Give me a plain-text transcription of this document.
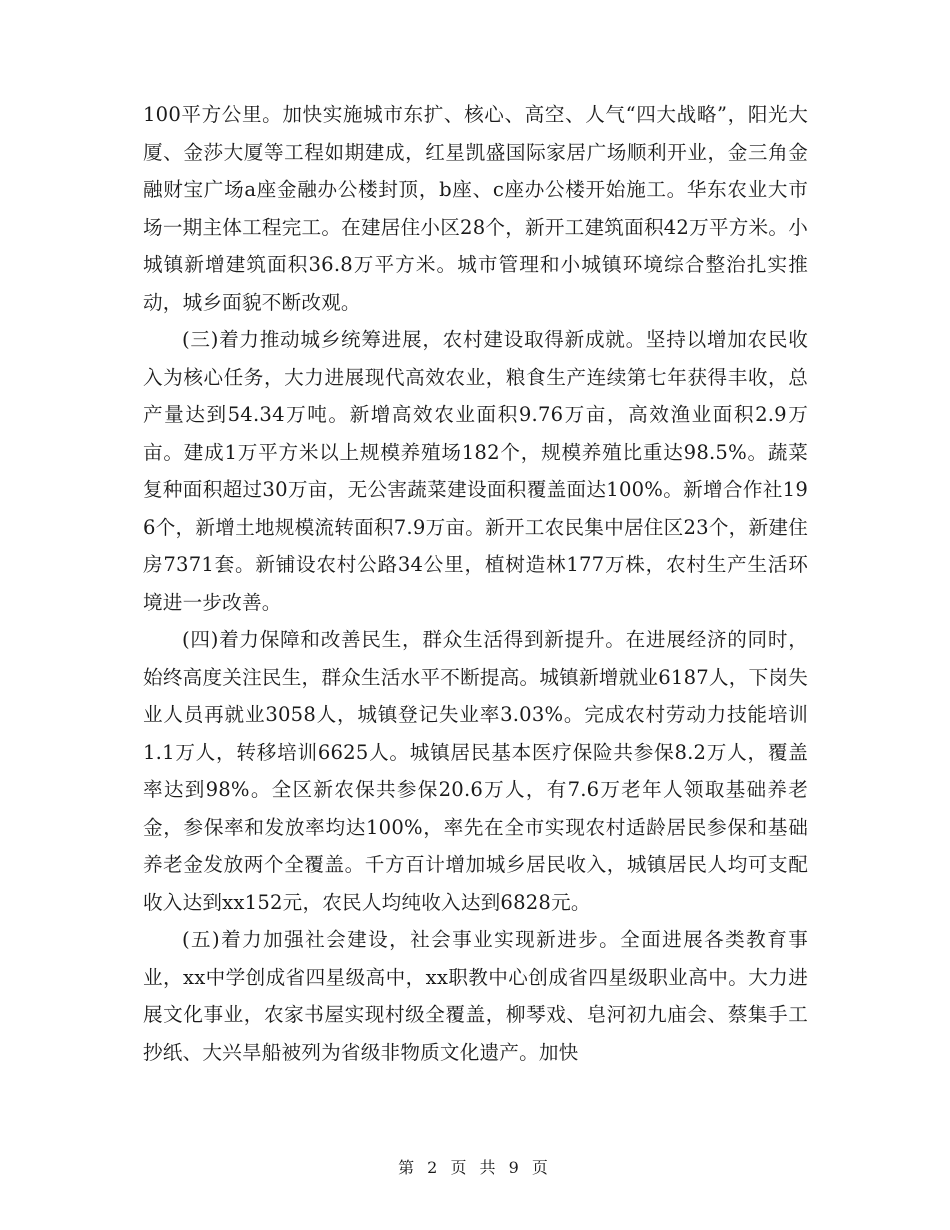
100平方公里。加快实施城市东扩、核心、高空、人气“四大战略”，阳光大厦、金莎大厦等工程如期建成，红星凯盛国际家居广场顺利开业，金三角金融财宝广场a座金融办公楼封顶，b座、c座办公楼开始施工。华东农业大市场一期主体工程完工。在建居住小区28个，新开工建筑面积42万平方米。小城镇新增建筑面积36.8万平方米。城市管理和小城镇环境综合整治扎实推动，城乡面貌不断改观。

(三)着力推动城乡统筹进展，农村建设取得新成就。坚持以增加农民收入为核心任务，大力进展现代高效农业，粮食生产连续第七年获得丰收，总产量达到54.34万吨。新增高效农业面积9.76万亩，高效渔业面积2.9万亩。建成1万平方米以上规模养殖场182个，规模养殖比重达98.5%。蔬菜复种面积超过30万亩，无公害蔬菜建设面积覆盖面达100%。新增合作社196个，新增土地规模流转面积7.9万亩。新开工农民集中居住区23个，新建住房7371套。新铺设农村公路34公里，植树造林177万株，农村生产生活环境进一步改善。

(四)着力保障和改善民生，群众生活得到新提升。在进展经济的同时，始终高度关注民生，群众生活水平不断提高。城镇新增就业6187人，下岗失业人员再就业3058人，城镇登记失业率3.03%。完成农村劳动力技能培训1.1万人，转移培训6625人。城镇居民基本医疗保险共参保8.2万人，覆盖率达到98%。全区新农保共参保20.6万人，有7.6万老年人领取基础养老金，参保率和发放率均达100%，率先在全市实现农村适龄居民参保和基础养老金发放两个全覆盖。千方百计增加城乡居民收入，城镇居民人均可支配收入达到xx152元，农民人均纯收入达到6828元。

(五)着力加强社会建设，社会事业实现新进步。全面进展各类教育事业，xx中学创成省四星级高中，xx职教中心创成省四星级职业高中。大力进展文化事业，农家书屋实现村级全覆盖，柳琴戏、皂河初九庙会、蔡集手工抄纸、大兴旱船被列为省级非物质文化遗产。加快

第 2 页 共 9 页
